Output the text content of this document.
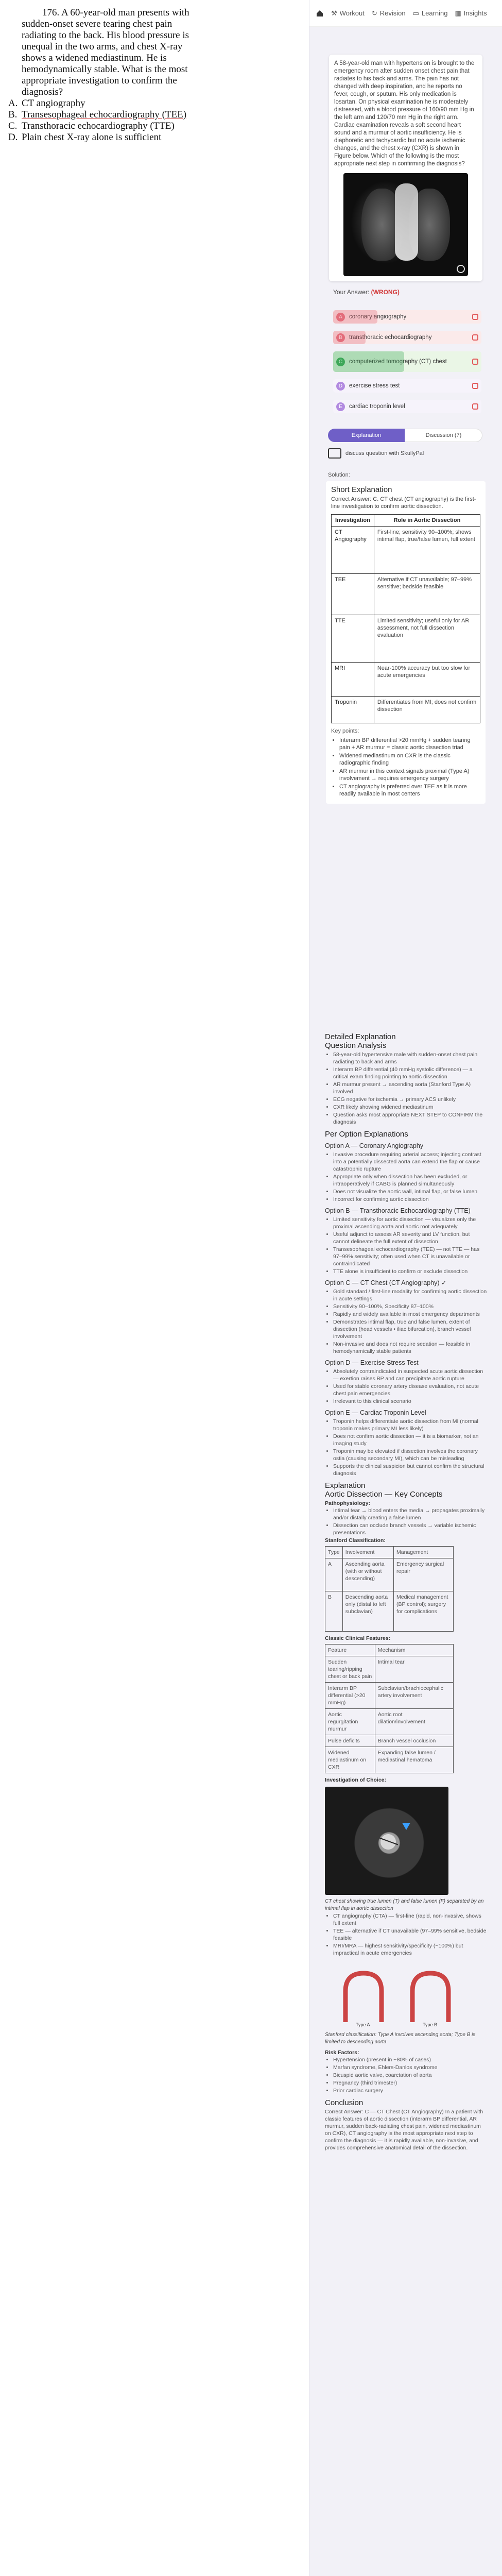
176. A 60-year-old man presents with sudden-onset severe tearing chest pain radiating to the back. His blood pressure is unequal in the two arms, and chest X-ray shows a widened mediastinum. He is hemodynamically stable. What is the most appropriate investigation to confirm the diagnosis?

A. CT angiography
B. Transesophageal echocardiography (TEE)
C. Transthoracic echocardiography (TTE)
D. Plain chest X-ray alone is sufficient
⚒ Workout ↻ Revision ▭ Learning ▥ Insights

A 58-year-old man with hypertension is brought to the emergency room after sudden onset chest pain that radiates to his back and arms. The pain has not changed with deep inspiration, and he reports no fever, cough, or sputum. His only medication is losartan. On physical examination he is moderately distressed, with a blood pressure of 160/90 mm Hg in the left arm and 120/70 mm Hg in the right arm. Cardiac examination reveals a soft second heart sound and a murmur of aortic insufficiency. He is diaphoretic and tachycardic but no acute ischemic changes, and the chest x-ray (CXR) is shown in Figure below. Which of the following is the most appropriate next step in confirming the diagnosis?

Your Answer: (WRONG)
A	coronary angiography
B	transthoracic echocardiography
C	computerized tomography (CT) chest
D	exercise stress test
E	cardiac troponin level
Explanation	Discussion (7)
discuss question with SkullyPal
Solution:
Short Explanation

Correct Answer: C. CT chest (CT angiography) is the first-line investigation to confirm aortic dissection.

Investigation	Role in Aortic Dissection
CT Angiography	First-line; sensitivity 90–100%; shows intimal flap, true/false lumen, full extent
TEE	Alternative if CT unavailable; 97–99% sensitive; bedside feasible
TTE	Limited sensitivity; useful only for AR assessment, not full dissection evaluation
MRI	Near-100% accuracy but too slow for acute emergencies
Troponin	Differentiates from MI; does not confirm dissection

Key points:

• Interarm BP differential >20 mmHg + sudden tearing pain + AR murmur = classic aortic dissection triad
• Widened mediastinum on CXR is the classic radiographic finding
• AR murmur in this context signals proximal (Type A) involvement → requires emergency surgery
• CT angiography is preferred over TEE as it is more readily available in most centers
Detailed Explanation
Question Analysis
• 58-year-old hypertensive male with sudden-onset chest pain radiating to back and arms
• Interarm BP differential (40 mmHg systolic difference) — a critical exam finding pointing to aortic dissection
• AR murmur present → ascending aorta (Stanford Type A) involved
• ECG negative for ischemia → primary ACS unlikely
• CXR likely showing widened mediastinum
• Question asks most appropriate NEXT STEP to CONFIRM the diagnosis
Per Option Explanations
Option A — Coronary Angiography
• Invasive procedure requiring arterial access; injecting contrast into a potentially dissected aorta can extend the flap or cause catastrophic rupture
• Appropriate only when dissection has been excluded, or intraoperatively if CABG is planned simultaneously
• Does not visualize the aortic wall, intimal flap, or false lumen
• Incorrect for confirming aortic dissection
Option B — Transthoracic Echocardiography (TTE)
• Limited sensitivity for aortic dissection — visualizes only the proximal ascending aorta and aortic root adequately
• Useful adjunct to assess AR severity and LV function, but cannot delineate the full extent of dissection
• Transesophageal echocardiography (TEE) — not TTE — has 97–99% sensitivity; often used when CT is unavailable or contraindicated
• TTE alone is insufficient to confirm or exclude dissection
Option C — CT Chest (CT Angiography) ✓
• Gold standard / first-line modality for confirming aortic dissection in acute settings
• Sensitivity 90–100%, Specificity 87–100%
• Rapidly and widely available in most emergency departments
• Demonstrates intimal flap, true and false lumen, extent of dissection (head vessels • iliac bifurcation), branch vessel involvement
• Non-invasive and does not require sedation — feasible in hemodynamically stable patients
Option D — Exercise Stress Test
• Absolutely contraindicated in suspected acute aortic dissection — exertion raises BP and can precipitate aortic rupture
• Used for stable coronary artery disease evaluation, not acute chest pain emergencies
• Irrelevant to this clinical scenario
Option E — Cardiac Troponin Level
• Troponin helps differentiate aortic dissection from MI (normal troponin makes primary MI less likely)
• Does not confirm aortic dissection — it is a biomarker, not an imaging study
• Troponin may be elevated if dissection involves the coronary ostia (causing secondary MI), which can be misleading
• Supports the clinical suspicion but cannot confirm the structural diagnosis
Explanation
Aortic Dissection — Key Concepts

Pathophysiology:

• Intimal tear → blood enters the media → propagates proximally and/or distally creating a false lumen
• Dissection can occlude branch vessels → variable ischemic presentations

Stanford Classification:

Type	Involvement	Management
A	Ascending aorta (with or without descending)	Emergency surgical repair
B	Descending aorta only (distal to left subclavian)	Medical management (BP control); surgery for complications

Classic Clinical Features:

Feature	Mechanism
Sudden tearing/ripping chest or back pain	Intimal tear
Interarm BP differential (>20 mmHg)	Subclavian/brachiocephalic artery involvement
Aortic regurgitation murmur	Aortic root dilation/involvement
Pulse deficits	Branch vessel occlusion
Widened mediastinum on CXR	Expanding false lumen / mediastinal hematoma

Investigation of Choice:

CT chest showing true lumen (T) and false lumen (F) separated by an intimal flap in aortic dissection

• CT angiography (CTA) — first-line (rapid, non-invasive, shows full extent
• TEE — alternative if CT unavailable (97–99% sensitive, bedside feasible
• MRI/MRA — highest sensitivity/specificity (~100%) but impractical in acute emergencies
Type A	Type B

Stanford classification: Type A involves ascending aorta; Type B is limited to descending aorta

Risk Factors:

• Hypertension (present in ~80% of cases)
• Marfan syndrome, Ehlers-Danlos syndrome
• Bicuspid aortic valve, coarctation of aorta
• Pregnancy (third trimester)
• Prior cardiac surgery
Conclusion

Correct Answer: C — CT Chest (CT Angiography) In a patient with classic features of aortic dissection (interarm BP differential, AR murmur, sudden back-radiating chest pain, widened mediastinum on CXR), CT angiography is the most appropriate next step to confirm the diagnosis — it is rapidly available, non-invasive, and provides comprehensive anatomical detail of the dissection.
